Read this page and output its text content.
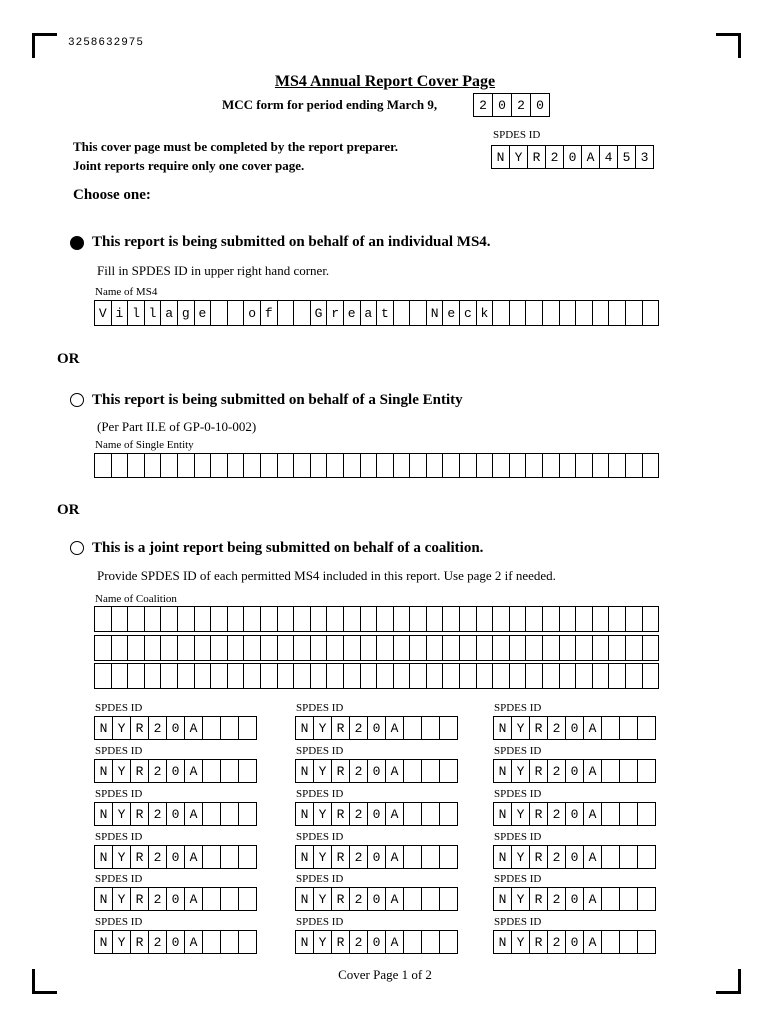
3258632975
MS4 Annual Report Cover Page
MCC form for period ending March 9,	2 0 2 0
This cover page must be completed by the report preparer.
Joint reports require only one cover page.
SPDES ID
N Y R 2 0 A 4 5 3
Choose one:
This report is being submitted on behalf of an individual MS4.
Fill in SPDES ID in upper right hand corner.
Name of MS4
V i l l a g e	o f	G r e a t	N e c k
OR
This report is being submitted on behalf of a Single Entity
(Per Part II.E of GP-0-10-002)
Name of Single Entity
OR
This is a joint report being submitted on behalf of a coalition.
Provide SPDES ID of each permitted MS4 included in this report. Use page 2 if needed.
Name of Coalition
SPDES ID
N Y R 2 0 A
SPDES ID
N Y R 2 0 A
SPDES ID
N Y R 2 0 A
SPDES ID
N Y R 2 0 A
SPDES ID
N Y R 2 0 A
SPDES ID
N Y R 2 0 A
SPDES ID
N Y R 2 0 A
SPDES ID
N Y R 2 0 A
SPDES ID
N Y R 2 0 A
SPDES ID
N Y R 2 0 A
SPDES ID
N Y R 2 0 A
SPDES ID
N Y R 2 0 A
SPDES ID
N Y R 2 0 A
SPDES ID
N Y R 2 0 A
SPDES ID
N Y R 2 0 A
SPDES ID
N Y R 2 0 A
SPDES ID
N Y R 2 0 A
SPDES ID
N Y R 2 0 A
Cover Page 1 of 2
